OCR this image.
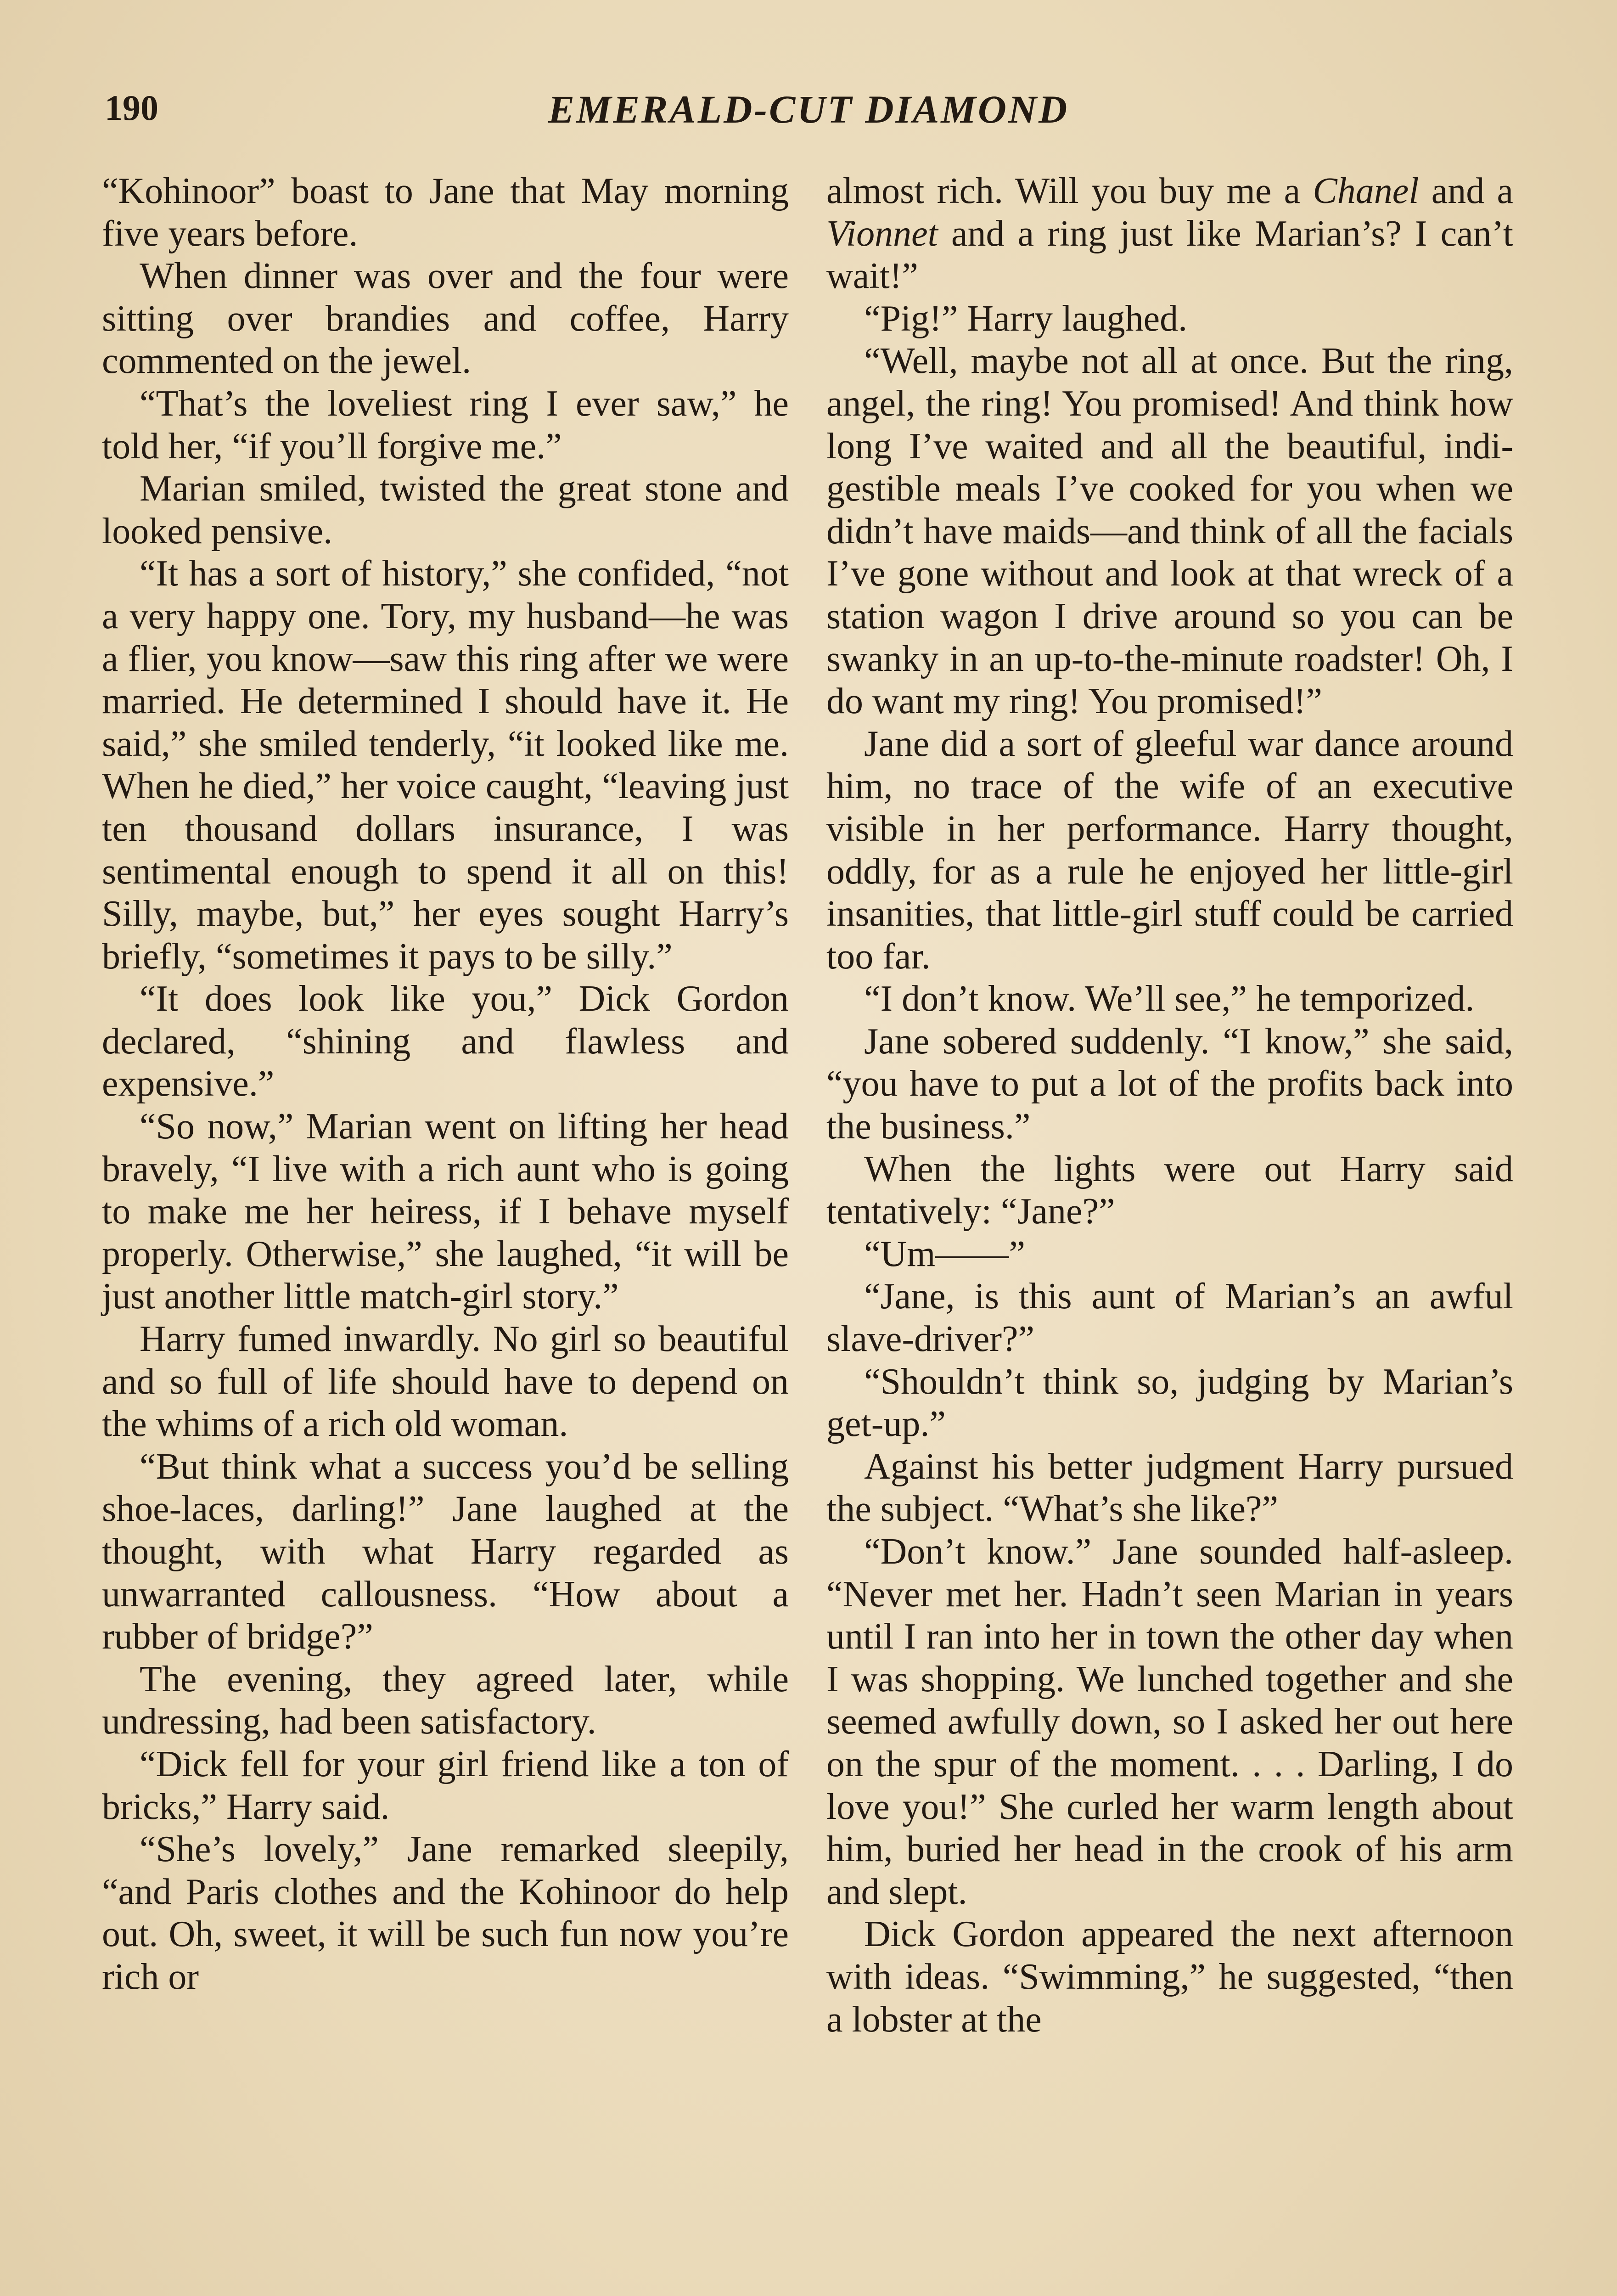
190	EMERALD-CUT DIAMOND

“Kohinoor” boast to Jane that May morning five years before.

When dinner was over and the four were sitting over brandies and coffee, Harry commented on the jewel.

“That’s the loveliest ring I ever saw,” he told her, “if you’ll forgive me.”

Marian smiled, twisted the great stone and looked pensive.

“It has a sort of history,” she confided, “not a very happy one. Tory, my husband—he was a flier, you know—saw this ring after we were married. He determined I should have it. He said,” she smiled tenderly, “it looked like me. When he died,” her voice caught, “leaving just ten thousand dollars insurance, I was sentimental enough to spend it all on this! Silly, maybe, but,” her eyes sought Harry’s briefly, “sometimes it pays to be silly.”

“It does look like you,” Dick Gordon declared, “shining and flawless and expensive.”

“So now,” Marian went on lifting her head bravely, “I live with a rich aunt who is going to make me her heiress, if I behave myself properly. Otherwise,” she laughed, “it will be just another little match-girl story.”

Harry fumed inwardly. No girl so beautiful and so full of life should have to depend on the whims of a rich old woman.

“But think what a success you’d be selling shoe-laces, darling!” Jane laughed at the thought, with what Harry regarded as unwarranted callousness. “How about a rubber of bridge?”

The evening, they agreed later, while undressing, had been satisfactory.

“Dick fell for your girl friend like a ton of bricks,” Harry said.

“She’s lovely,” Jane remarked sleepily, “and Paris clothes and the Kohinoor do help out. Oh, sweet, it will be such fun now you’re rich or

almost rich. Will you buy me a Chanel and a Vionnet and a ring just like Marian’s? I can’t wait!”

“Pig!” Harry laughed.

“Well, maybe not all at once. But the ring, angel, the ring! You promised! And think how long I’ve waited and all the beautiful, indigestible meals I’ve cooked for you when we didn’t have maids—and think of all the facials I’ve gone without and look at that wreck of a station wagon I drive around so you can be swanky in an up-to-the-minute roadster! Oh, I do want my ring! You promised!”

Jane did a sort of gleeful war dance around him, no trace of the wife of an executive visible in her performance. Harry thought, oddly, for as a rule he enjoyed her little-girl insanities, that little-girl stuff could be carried too far.

“I don’t know. We’ll see,” he temporized.

Jane sobered suddenly. “I know,” she said, “you have to put a lot of the profits back into the business.”

When the lights were out Harry said tentatively: “Jane?”

“Um——”

“Jane, is this aunt of Marian’s an awful slave-driver?”

“Shouldn’t think so, judging by Marian’s get-up.”

Against his better judgment Harry pursued the subject. “What’s she like?”

“Don’t know.” Jane sounded half-asleep. “Never met her. Hadn’t seen Marian in years until I ran into her in town the other day when I was shopping. We lunched together and she seemed awfully down, so I asked her out here on the spur of the moment. . . . Darling, I do love you!” She curled her warm length about him, buried her head in the crook of his arm and slept.

Dick Gordon appeared the next afternoon with ideas. “Swimming,” he suggested, “then a lobster at the
